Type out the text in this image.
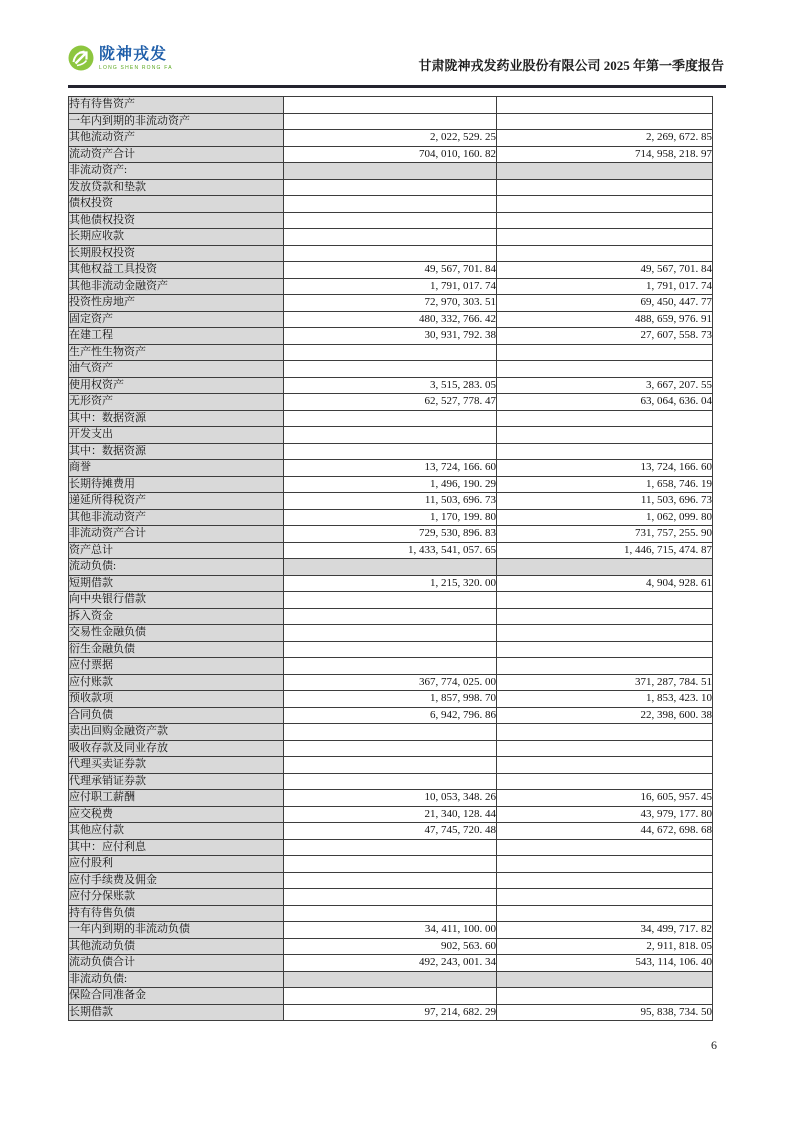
陇神戎发
LONG SHEN RONG FA	甘肃陇神戎发药业股份有限公司 2025 年第一季度报告
持有待售资产		
一年内到期的非流动资产		
其他流动资产	2, 022, 529. 25	2, 269, 672. 85
流动资产合计	704, 010, 160. 82	714, 958, 218. 97
非流动资产:		
发放贷款和垫款		
债权投资		
其他债权投资		
长期应收款		
长期股权投资		
其他权益工具投资	49, 567, 701. 84	49, 567, 701. 84
其他非流动金融资产	1, 791, 017. 74	1, 791, 017. 74
投资性房地产	72, 970, 303. 51	69, 450, 447. 77
固定资产	480, 332, 766. 42	488, 659, 976. 91
在建工程	30, 931, 792. 38	27, 607, 558. 73
生产性生物资产		
油气资产		
使用权资产	3, 515, 283. 05	3, 667, 207. 55
无形资产	62, 527, 778. 47	63, 064, 636. 04
其中：数据资源		
开发支出		
其中：数据资源		
商誉	13, 724, 166. 60	13, 724, 166. 60
长期待摊费用	1, 496, 190. 29	1, 658, 746. 19
递延所得税资产	11, 503, 696. 73	11, 503, 696. 73
其他非流动资产	1, 170, 199. 80	1, 062, 099. 80
非流动资产合计	729, 530, 896. 83	731, 757, 255. 90
资产总计	1, 433, 541, 057. 65	1, 446, 715, 474. 87
流动负债:		
短期借款	1, 215, 320. 00	4, 904, 928. 61
向中央银行借款		
拆入资金		
交易性金融负债		
衍生金融负债		
应付票据		
应付账款	367, 774, 025. 00	371, 287, 784. 51
预收款项	1, 857, 998. 70	1, 853, 423. 10
合同负债	6, 942, 796. 86	22, 398, 600. 38
卖出回购金融资产款		
吸收存款及同业存放		
代理买卖证券款		
代理承销证券款		
应付职工薪酬	10, 053, 348. 26	16, 605, 957. 45
应交税费	21, 340, 128. 44	43, 979, 177. 80
其他应付款	47, 745, 720. 48	44, 672, 698. 68
其中：应付利息		
应付股利		
应付手续费及佣金		
应付分保账款		
持有待售负债		
一年内到期的非流动负债	34, 411, 100. 00	34, 499, 717. 82
其他流动负债	902, 563. 60	2, 911, 818. 05
流动负债合计	492, 243, 001. 34	543, 114, 106. 40
非流动负债:		
保险合同准备金		
长期借款	97, 214, 682. 29	95, 838, 734. 50
6
